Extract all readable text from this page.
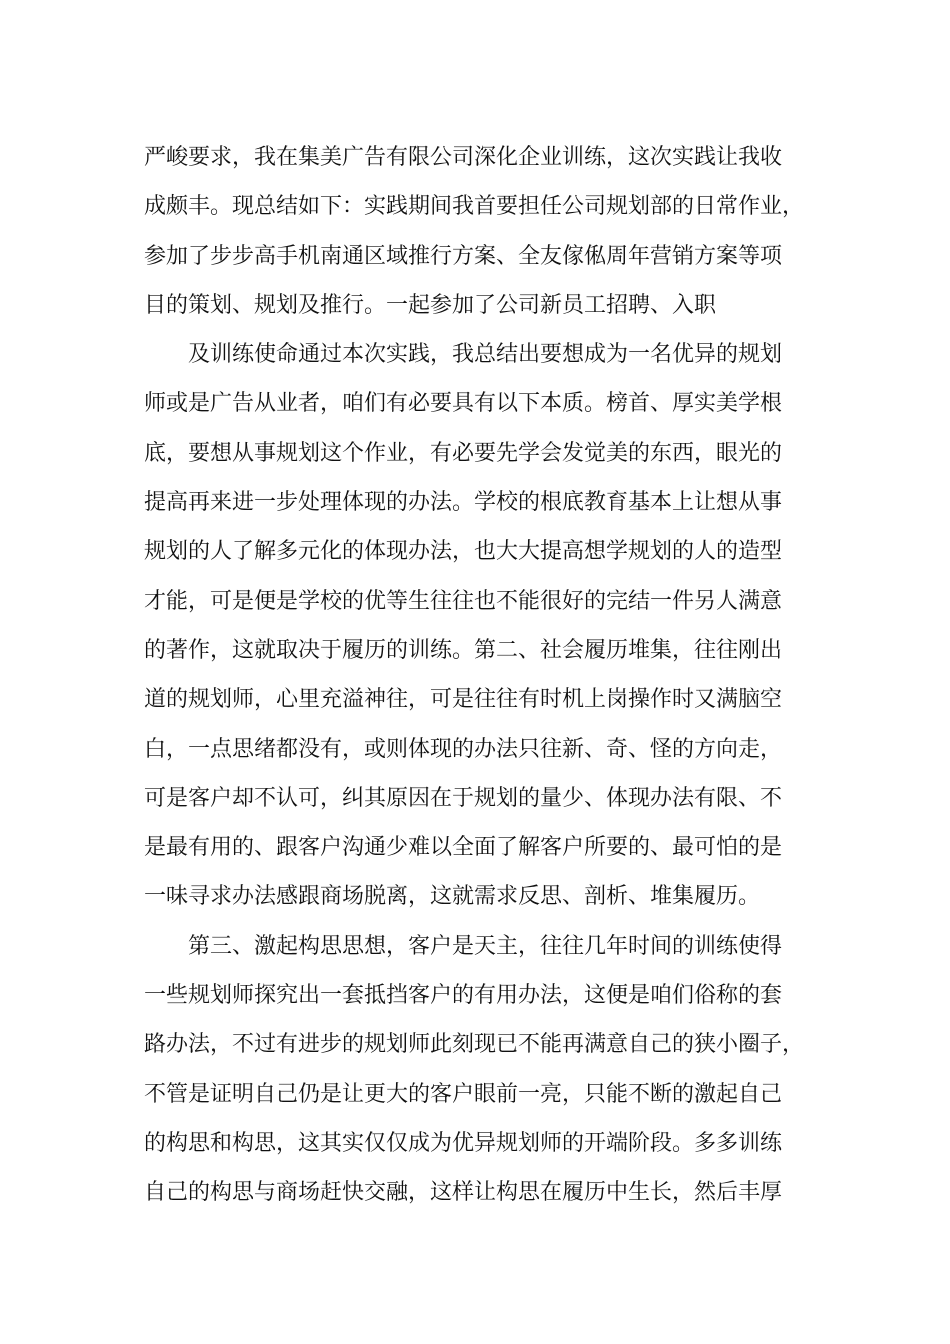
严峻要求，我在集美广告有限公司深化企业训练，这次实践让我收
成颇丰。现总结如下：实践期间我首要担任公司规划部的日常作业，
参加了步步高手机南通区域推行方案、全友傢俬周年营销方案等项
目的策划、规划及推行。一起参加了公司新员工招聘、入职
及训练使命通过本次实践，我总结出要想成为一名优异的规划
师或是广告从业者，咱们有必要具有以下本质。榜首、厚实美学根
底，要想从事规划这个作业，有必要先学会发觉美的东西，眼光的
提高再来进一步处理体现的办法。学校的根底教育基本上让想从事
规划的人了解多元化的体现办法，也大大提高想学规划的人的造型
才能，可是便是学校的优等生往往也不能很好的完结一件另人满意
的著作，这就取决于履历的训练。第二、社会履历堆集，往往刚出
道的规划师，心里充溢神往，可是往往有时机上岗操作时又满脑空
白，一点思绪都没有，或则体现的办法只往新、奇、怪的方向走，
可是客户却不认可，纠其原因在于规划的量少、体现办法有限、不
是最有用的、跟客户沟通少难以全面了解客户所要的、最可怕的是
一味寻求办法感跟商场脱离，这就需求反思、剖析、堆集履历。
第三、激起构思思想，客户是天主，往往几年时间的训练使得
一些规划师探究出一套抵挡客户的有用办法，这便是咱们俗称的套
路办法，不过有进步的规划师此刻现已不能再满意自己的狭小圈子，
不管是证明自己仍是让更大的客户眼前一亮，只能不断的激起自己
的构思和构思，这其实仅仅成为优异规划师的开端阶段。多多训练
自己的构思与商场赶快交融，这样让构思在履历中生长，然后丰厚
